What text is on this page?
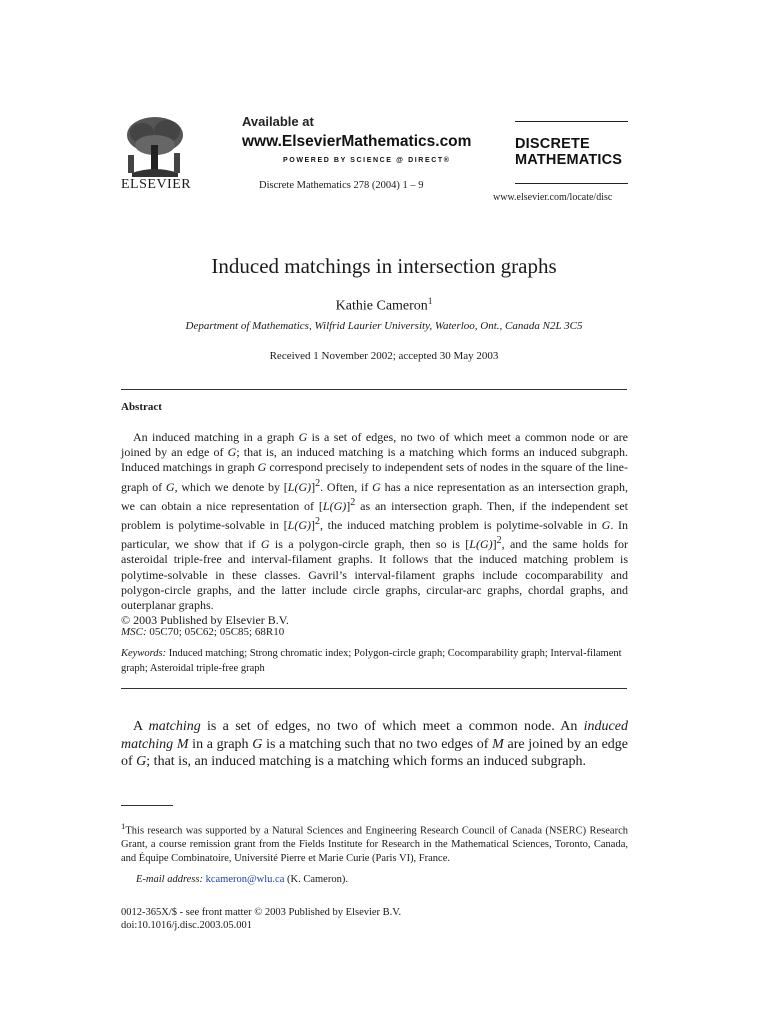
ELSEVIER
Available at
www.ElsevierMathematics.com
POWERED BY SCIENCE @ DIRECT®
Discrete Mathematics 278 (2004) 1 – 9
DISCRETE
MATHEMATICS
www.elsevier.com/locate/disc
Induced matchings in intersection graphs
Kathie Cameron$^1$
Department of Mathematics, Wilfrid Laurier University, Waterloo, Ont., Canada N2L 3C5
Received 1 November 2002; accepted 30 May 2003
Abstract
An induced matching in a graph G is a set of edges, no two of which meet a common node or are joined by an edge of G; that is, an induced matching is a matching which forms an induced subgraph. Induced matchings in graph G correspond precisely to independent sets of nodes in the square of the line-graph of G, which we denote by $[L(G)]^2$. Often, if G has a nice representation as an intersection graph, we can obtain a nice representation of $[L(G)]^2$ as an intersection graph. Then, if the independent set problem is polytime-solvable in $[L(G)]^2$, the induced matching problem is polytime-solvable in G. In particular, we show that if G is a polygon-circle graph, then so is $[L(G)]^2$, and the same holds for asteroidal triple-free and interval-filament graphs. It follows that the induced matching problem is polytime-solvable in these classes. Gavril’s interval-filament graphs include cocomparability and polygon-circle graphs, and the latter include circle graphs, circular-arc graphs, chordal graphs, and outerplanar graphs.
© 2003 Published by Elsevier B.V.
MSC: 05C70; 05C62; 05C85; 68R10
Keywords: Induced matching; Strong chromatic index; Polygon-circle graph; Cocomparability graph; Interval-filament graph; Asteroidal triple-free graph
A matching is a set of edges, no two of which meet a common node. An induced matching M in a graph G is a matching such that no two edges of M are joined by an edge of G; that is, an induced matching is a matching which forms an induced subgraph.
$^1$This research was supported by a Natural Sciences and Engineering Research Council of Canada (NSERC) Research Grant, a course remission grant from the Fields Institute for Research in the Mathematical Sciences, Toronto, Canada, and Équipe Combinatoire, Université Pierre et Marie Curie (Paris VI), France.
E-mail address: kcameron@wlu.ca (K. Cameron).
0012-365X/$ - see front matter © 2003 Published by Elsevier B.V.
doi:10.1016/j.disc.2003.05.001
